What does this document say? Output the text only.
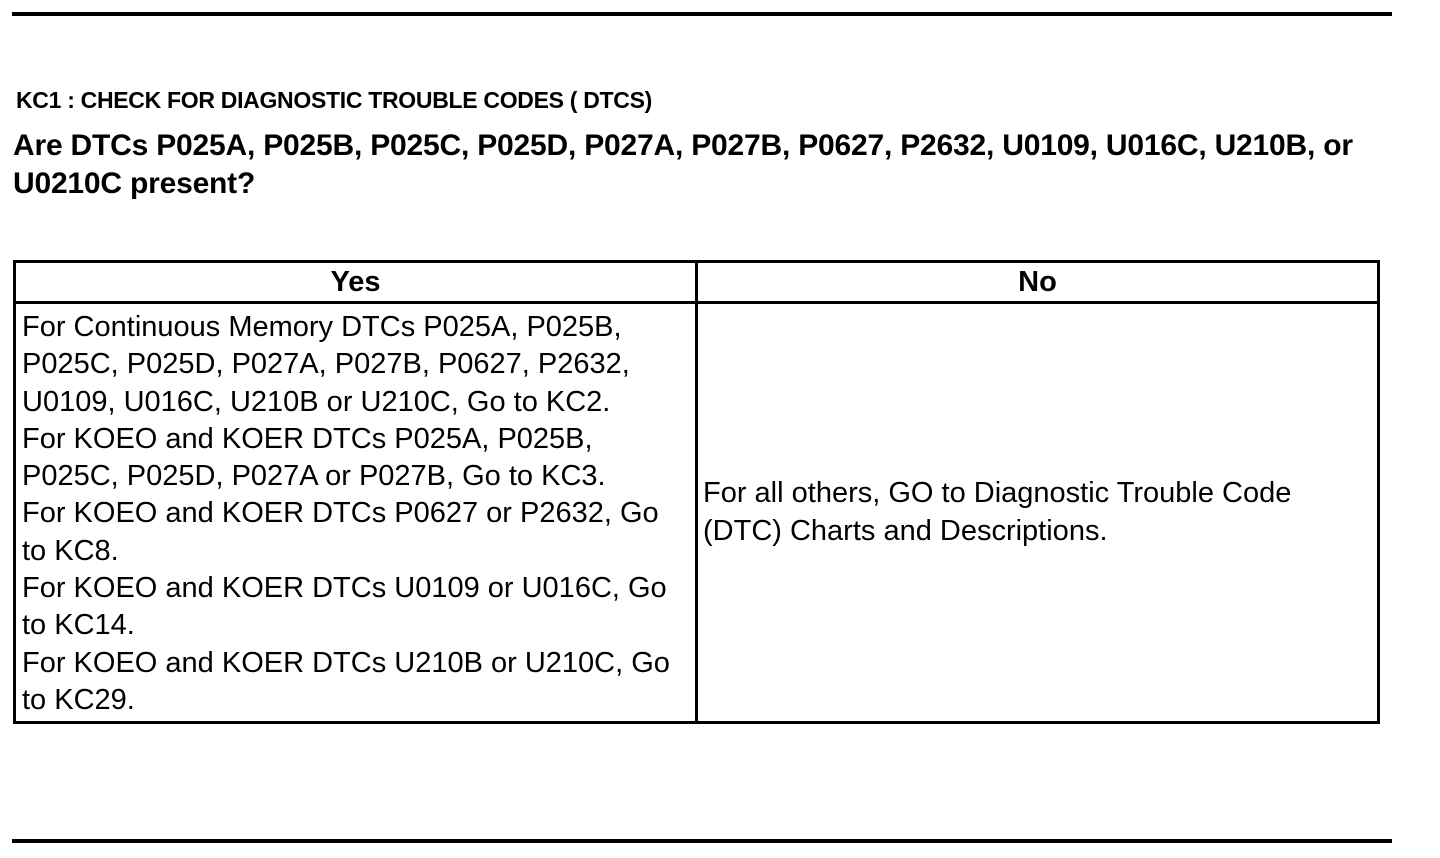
KC1 : CHECK FOR DIAGNOSTIC TROUBLE CODES ( DTCS)
Are DTCs P025A, P025B, P025C, P025D, P027A, P027B, P0627, P2632, U0109, U016C, U210B, or U0210C present?
Yes	No

For Continuous Memory DTCs P025A, P025B, P025C, P025D, P027A, P027B, P0627, P2632, U0109, U016C, U210B or U210C, Go to KC2.
For KOEO and KOER DTCs P025A, P025B, P025C, P025D, P027A or P027B, Go to KC3.
For KOEO and KOER DTCs P0627 or P2632, Go to KC8.
For KOEO and KOER DTCs U0109 or U016C, Go to KC14.
For KOEO and KOER DTCs U210B or U210C, Go to KC29.	For all others, GO to Diagnostic Trouble Code (DTC) Charts and Descriptions.
